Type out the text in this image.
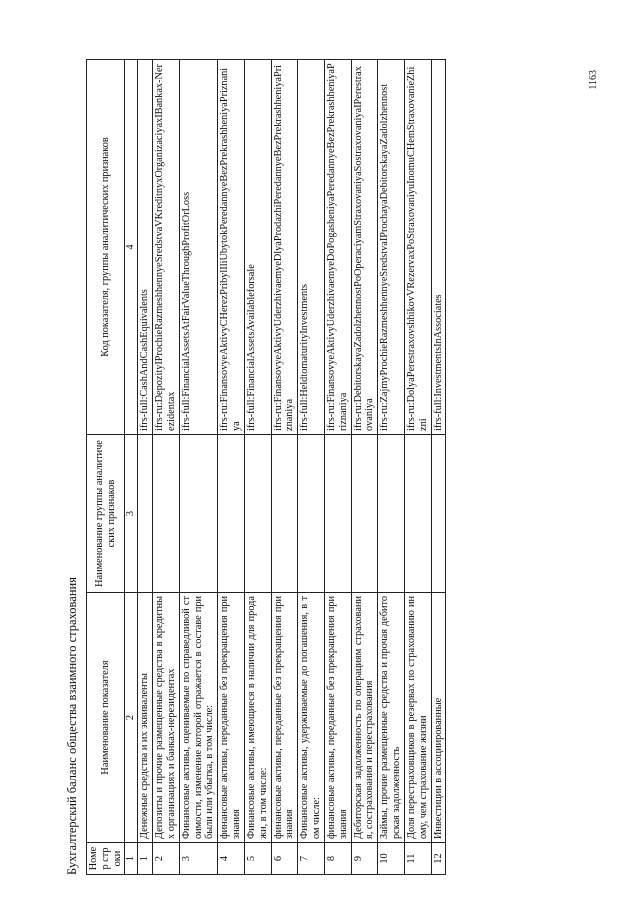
1163
Бухгалтерский баланс общества взаимного страхования Номер строки	Наименование показателя	Наименование группы аналитических признаков	Код показателя, группы аналитических признаков
1	2	3	4
1	Денежные средства и их эквиваленты		ifrs-full:CashAndCashEquivalents
2	Депозиты и прочие размещенные средства в кредитных организациях и банках-нерезидентах		ifrs-ru:DepozityIProchieRazmeshhennyeSredstvaVKreditnyxOrganizaciyaxIBankax-Nerezidentax
3	Финансовые активы, оцениваемые по справедливой стоимости, изменение которой отражается в составе прибыли или убытка, в том числе:		ifrs-full:FinancialAssetsAtFairValueThroughProfitOrLoss
4	финансовые активы, переданные без прекращения признания		ifrs-ru:FinansovyeAktivyCHerezPribylIliUbytokPeredannyeBezPrekrashheniyaPriznaniya
5	Финансовые активы, имеющиеся в наличии для продажи, в том числе:		ifrs-full:FinancialAssetsAvailableforsale
6	финансовые активы, переданные без прекращения признания		ifrs-ru:FinansovyeAktivyUderzhivaemyeDlyaProdazhiPeredannyeBezPrekrashheniyaPriznaniya
7	Финансовые активы, удерживаемые до погашения, в том числе:		ifrs-full:HeldtomaturityInvestments
8	финансовые активы, переданные без прекращения признания		ifrs-ru:FinansovyeAktivyUderzhivaemyeDoPogasheniyaPeredannyeBezPrekrashheniyaPriznaniya
9	Дебиторская задолженность по операциям страхования, сострахования и перестрахования		ifrs-ru:DebitorskayaZadolzhennostPoOperaciyamStraxovaniyaSostraxovaniyaIPerestraxovaniya
10	Займы, прочие размещенные средства и прочая дебиторская задолженность		ifrs-ru:ZajmyProchieRazmeshhennyeSredstvaIProchayaDebitorskayaZadolzhennost
11	Доля перестраховщиков в резервах по страхованию иному, чем страхование жизни		ifrs-ru:DolyaPerestraxovshhikovVRezervaxPoStraxovaniyuInomuCHemStraxovanieZhizni
12	Инвестиции в ассоциированные		ifrs-full:InvestmentsInAssociates
